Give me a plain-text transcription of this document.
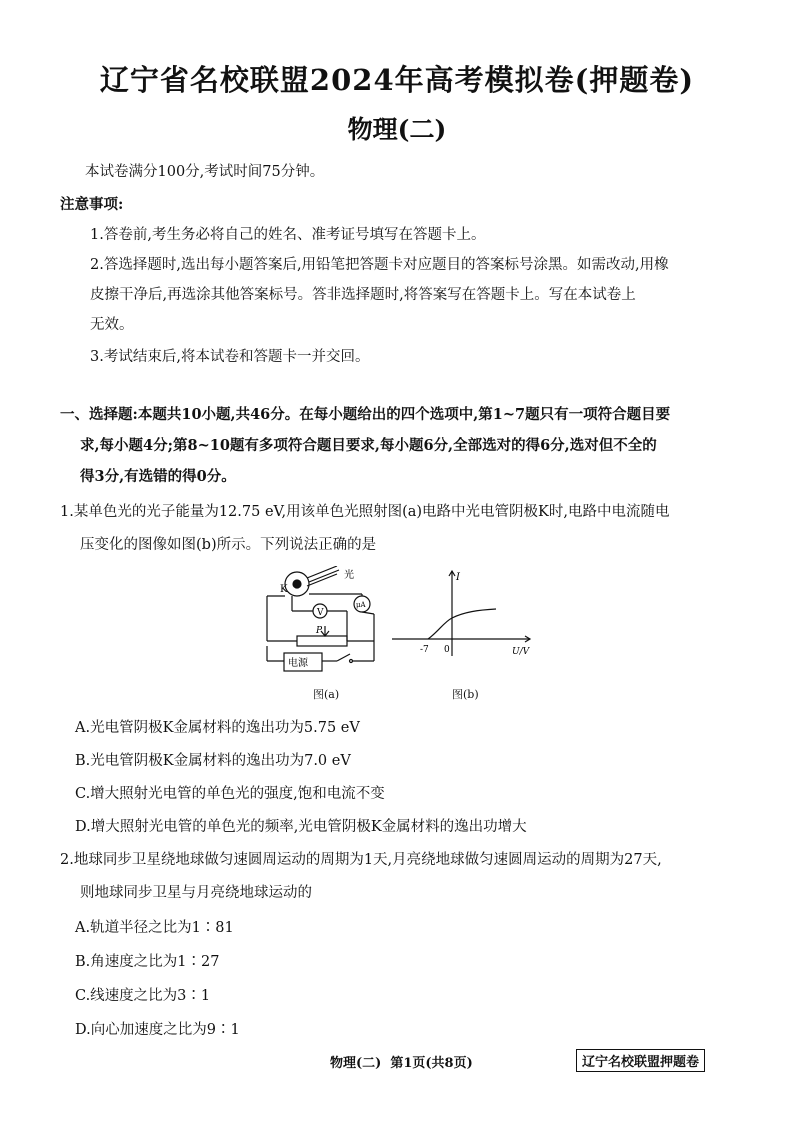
辽宁省名校联盟2024年高考模拟卷(押题卷)
物理(二)
本试卷满分100分,考试时间75分钟。
注意事项:
1.答卷前,考生务必将自己的姓名、准考证号填写在答题卡上。
2.答选择题时,选出每小题答案后,用铅笔把答题卡对应题目的答案标号涂黑。如需改动,用橡
皮擦干净后,再选涂其他答案标号。答非选择题时,将答案写在答题卡上。写在本试卷上
无效。
3.考试结束后,将本试卷和答题卡一并交回。
一、选择题:本题共10小题,共46分。在每小题给出的四个选项中,第1~7题只有一项符合题目要
求,每小题4分;第8~10题有多项符合题目要求,每小题6分,全部选对的得6分,选对但不全的
得3分,有选错的得0分。
1.某单色光的光子能量为12.75 eV,用该单色光照射图(a)电路中光电管阴极K时,电路中电流随电
压变化的图像如图(b)所示。下列说法正确的是
光
K
V
μA
P
电源
I
U/V
-7 0
图(a)	图(b)
A.光电管阴极K金属材料的逸出功为5.75 eV
B.光电管阴极K金属材料的逸出功为7.0 eV
C.增大照射光电管的单色光的强度,饱和电流不变
D.增大照射光电管的单色光的频率,光电管阴极K金属材料的逸出功增大
2.地球同步卫星绕地球做匀速圆周运动的周期为1天,月亮绕地球做匀速圆周运动的周期为27天,
则地球同步卫星与月亮绕地球运动的
A.轨道半径之比为1∶81
B.角速度之比为1∶27
C.线速度之比为3∶1
D.向心加速度之比为9∶1
物理(二)  第1页(共8页)	辽宁名校联盟押题卷
